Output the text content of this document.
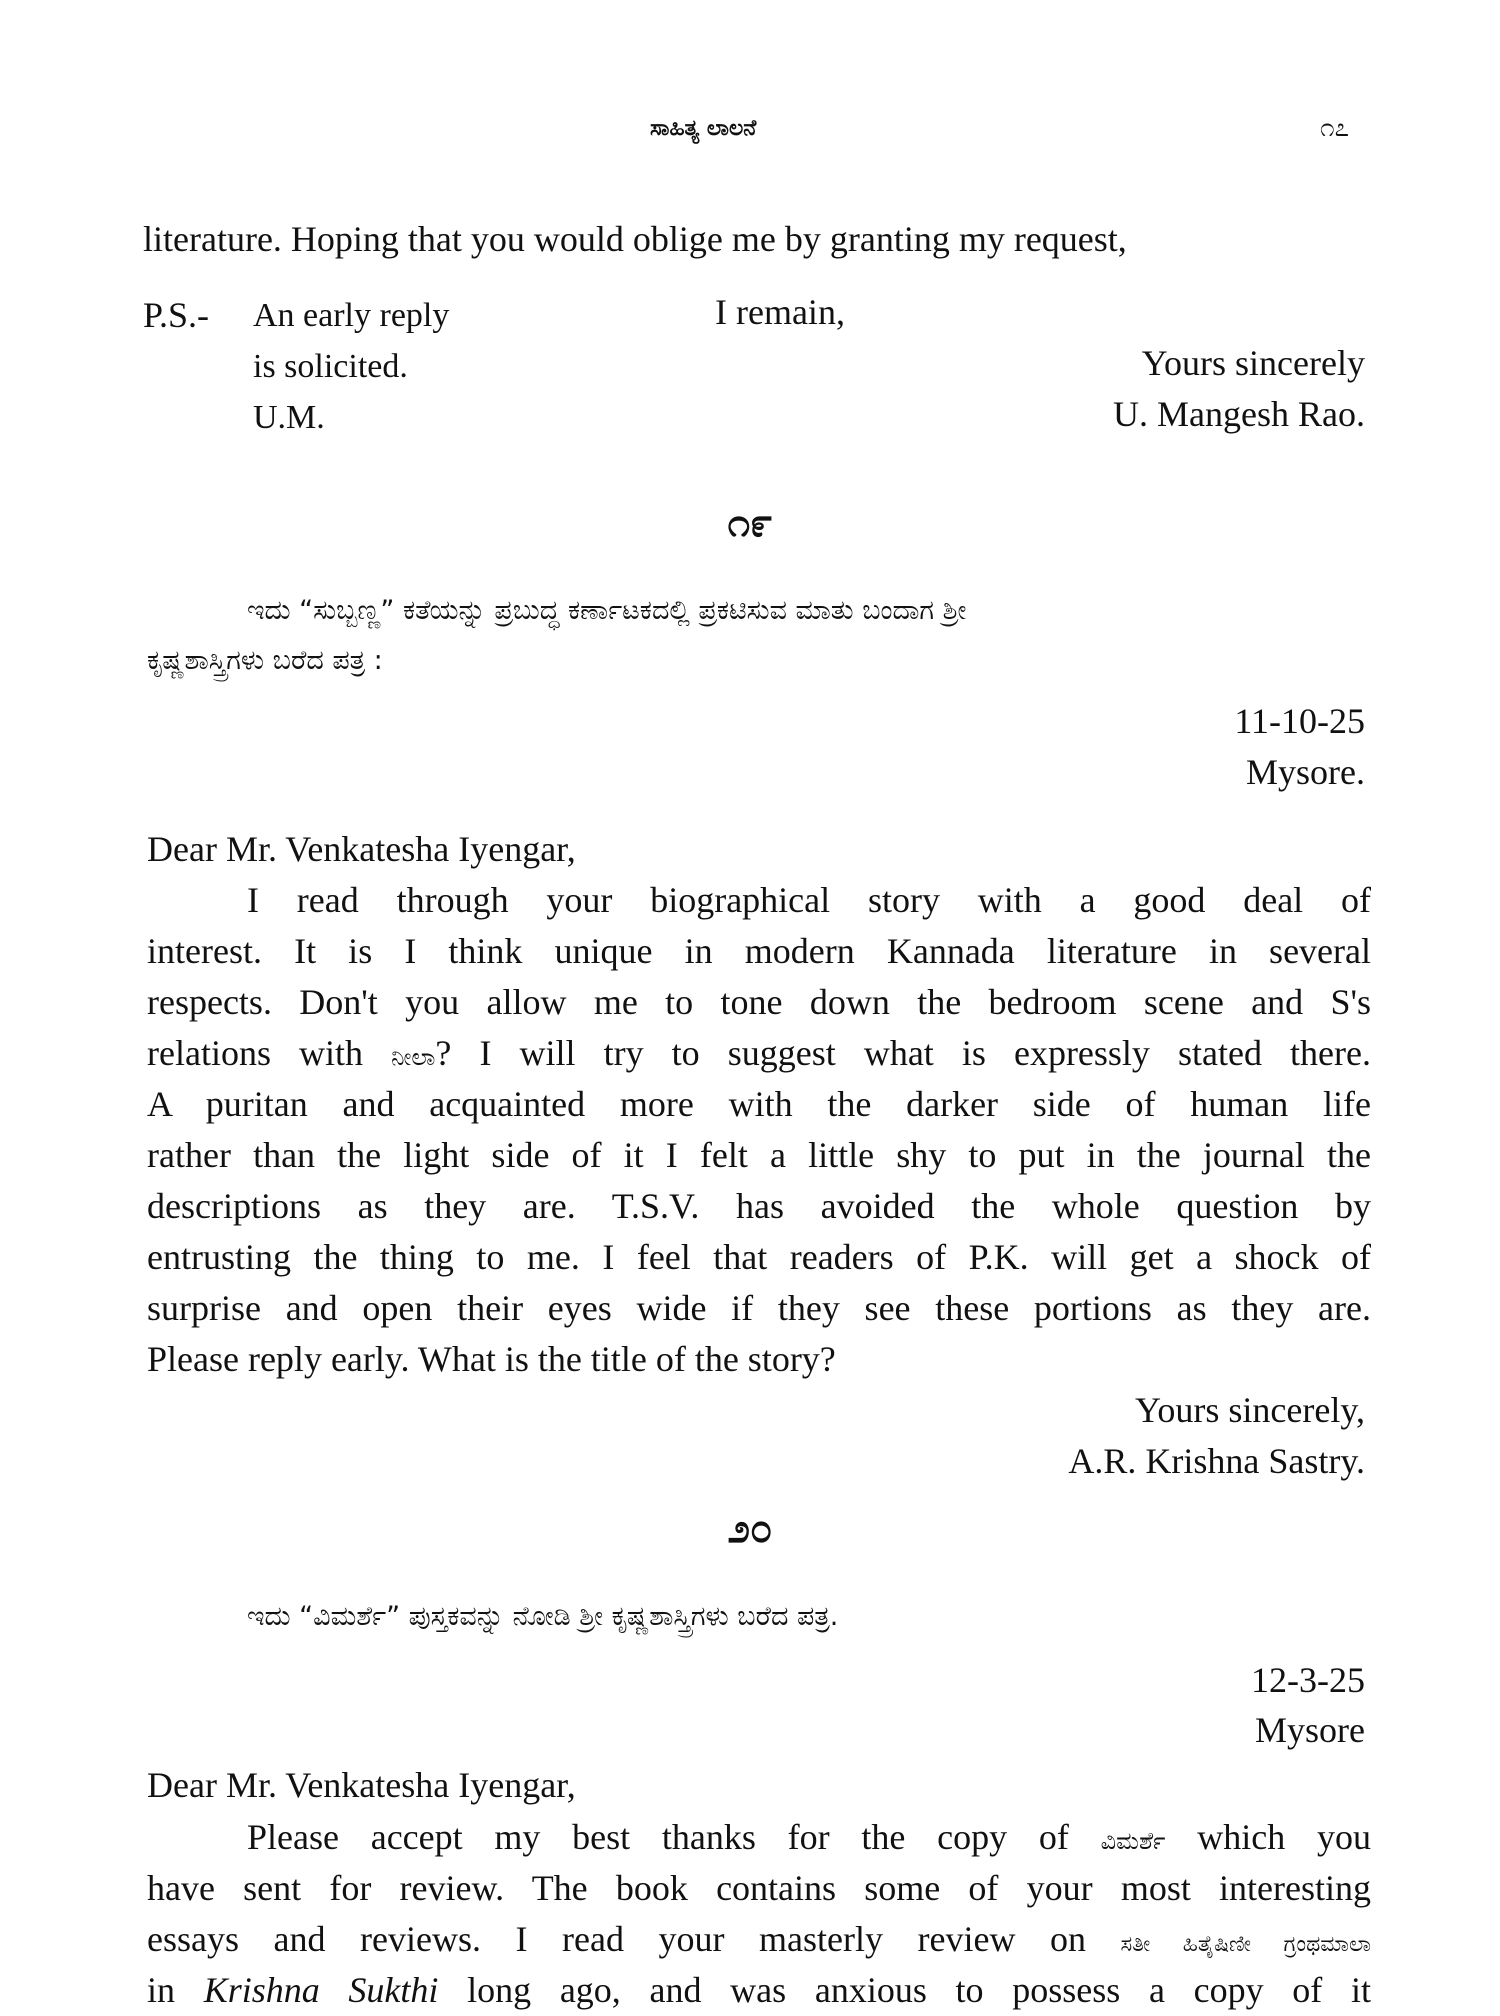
ಸಾಹಿತ್ಯ ಲಾಲನೆ	೧೭
literature. Hoping that you would oblige me by granting my request,
P.S.- An early reply
is solicited.
U.M.
I remain,
Yours sincerely
U. Mangesh Rao.
೧೯
ಇದು “ಸುಬ್ಬಣ್ಣ” ಕತೆಯನ್ನು ಪ್ರಬುದ್ಧ ಕರ್ಣಾಟಕದಲ್ಲಿ ಪ್ರಕಟಿಸುವ ಮಾತು ಬಂದಾಗ ಶ್ರೀ
ಕೃಷ್ಣಶಾಸ್ತ್ರಿಗಳು ಬರೆದ ಪತ್ರ :
11-10-25
Mysore.
Dear Mr. Venkatesha Iyengar,
I read through your biographical story with a good deal of
interest. It is I think unique in modern Kannada literature in several
respects. Don't you allow me to tone down the bedroom scene and S's
relations with ನೀಲಾ? I will try to suggest what is expressly stated there.
A puritan and acquainted more with the darker side of human life
rather than the light side of it I felt a little shy to put in the journal the
descriptions as they are. T.S.V. has avoided the whole question by
entrusting the thing to me. I feel that readers of P.K. will get a shock of
surprise and open their eyes wide if they see these portions as they are.
Please reply early. What is the title of the story?
Yours sincerely,
A.R. Krishna Sastry.
೨೦
ಇದು “ವಿಮರ್ಶೆ” ಪುಸ್ತಕವನ್ನು ನೋಡಿ ಶ್ರೀ ಕೃಷ್ಣಶಾಸ್ತ್ರಿಗಳು ಬರೆದ ಪತ್ರ.
12-3-25
Mysore
Dear Mr. Venkatesha Iyengar,
Please accept my best thanks for the copy of ವಿಮರ್ಶೆ which you
have sent for review. The book contains some of your most interesting
essays and reviews. I read your masterly review on ಸತೀ ಹಿತೈಷಿಣೀ ಗ್ರಂಥಮಾಲಾ
in Krishna Sukthi long ago, and was anxious to possess a copy of it
